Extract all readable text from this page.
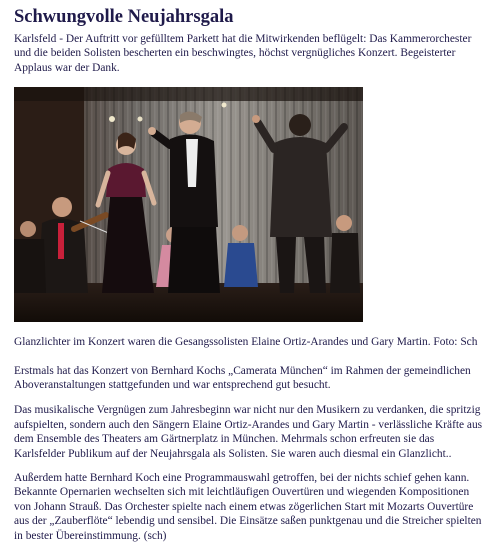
Schwungvolle Neujahrsgala

Karlsfeld - Der Auftritt vor gefülltem Parkett hat die Mitwirkenden beflügelt: Das Kammerorchester und die beiden Solisten bescherten ein beschwingtes, höchst vergnügliches Konzert. Begeisterter Applaus war der Dank.

Glanzlichter im Konzert waren die Gesangssolisten Elaine Ortiz-Arandes und Gary Martin. Foto: Sch

Erstmals hat das Konzert von Bernhard Kochs „Camerata München“ im Rahmen der gemeindlichen Aboveranstaltungen stattgefunden und war entsprechend gut besucht.

Das musikalische Vergnügen zum Jahresbeginn war nicht nur den Musikern zu verdanken, die spritzig aufspielten, sondern auch den Sängern Elaine Ortiz-Arandes und Gary Martin - verlässliche Kräfte aus dem Ensemble des Theaters am Gärtnerplatz in München. Mehrmals schon erfreuten sie das Karlsfelder Publikum auf der Neujahrsgala als Solisten. Sie waren auch diesmal ein Glanzlicht..

Außerdem hatte Bernhard Koch eine Programmauswahl getroffen, bei der nichts schief gehen kann. Bekannte Opernarien wechselten sich mit leichtläufigen Ouvertüren und wiegenden Kompositionen von Johann Strauß. Das Orchester spielte nach einem etwas zögerlichen Start mit Mozarts Ouvertüre aus der „Zauberflöte“ lebendig und sensibel. Die Einsätze saßen punktgenau und die Streicher spielten in bester Übereinstimmung. (sch)
